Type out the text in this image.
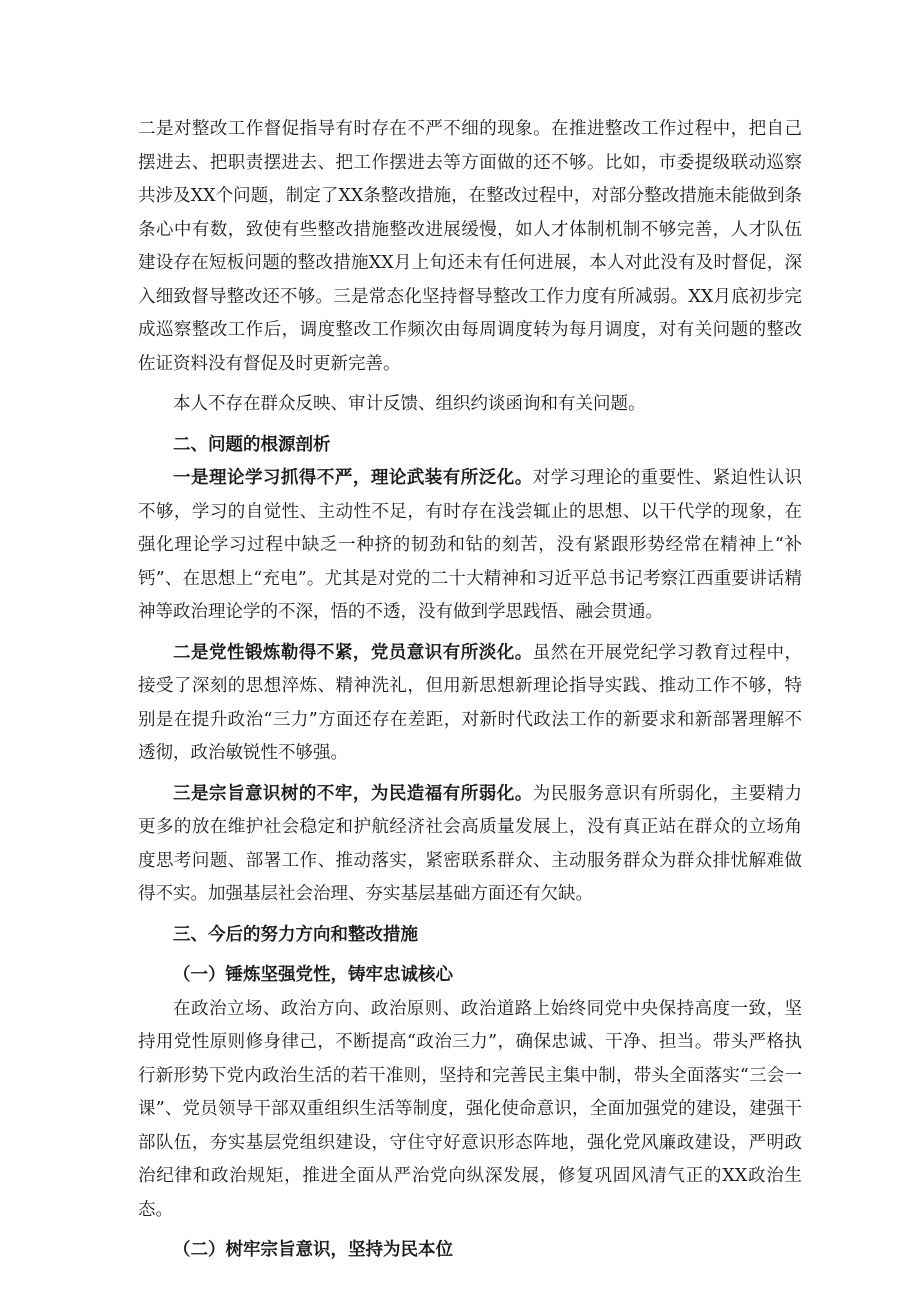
二是对整改工作督促指导有时存在不严不细的现象。在推进整改工作过程中，把自己摆进去、把职责摆进去、把工作摆进去等方面做的还不够。比如，市委提级联动巡察共涉及XX个问题，制定了XX条整改措施，在整改过程中，对部分整改措施未能做到条条心中有数，致使有些整改措施整改进展缓慢，如人才体制机制不够完善，人才队伍建设存在短板问题的整改措施XX月上旬还未有任何进展，本人对此没有及时督促，深入细致督导整改还不够。三是常态化坚持督导整改工作力度有所减弱。XX月底初步完成巡察整改工作后，调度整改工作频次由每周调度转为每月调度，对有关问题的整改佐证资料没有督促及时更新完善。

本人不存在群众反映、审计反馈、组织约谈函询和有关问题。

二、问题的根源剖析

一是理论学习抓得不严，理论武装有所泛化。对学习理论的重要性、紧迫性认识不够，学习的自觉性、主动性不足，有时存在浅尝辄止的思想、以干代学的现象，在强化理论学习过程中缺乏一种挤的韧劲和钻的刻苦，没有紧跟形势经常在精神上“补钙”、在思想上“充电”。尤其是对党的二十大精神和习近平总书记考察江西重要讲话精神等政治理论学的不深，悟的不透，没有做到学思践悟、融会贯通。

二是党性锻炼勒得不紧，党员意识有所淡化。虽然在开展党纪学习教育过程中，接受了深刻的思想淬炼、精神洗礼，但用新思想新理论指导实践、推动工作不够，特别是在提升政治“三力”方面还存在差距，对新时代政法工作的新要求和新部署理解不透彻，政治敏锐性不够强。

三是宗旨意识树的不牢，为民造福有所弱化。为民服务意识有所弱化，主要精力更多的放在维护社会稳定和护航经济社会高质量发展上，没有真正站在群众的立场角度思考问题、部署工作、推动落实，紧密联系群众、主动服务群众为群众排忧解难做得不实。加强基层社会治理、夯实基层基础方面还有欠缺。

三、今后的努力方向和整改措施

（一）锤炼坚强党性，铸牢忠诚核心

在政治立场、政治方向、政治原则、政治道路上始终同党中央保持高度一致，坚持用党性原则修身律己，不断提高“政治三力”，确保忠诚、干净、担当。带头严格执行新形势下党内政治生活的若干准则，坚持和完善民主集中制，带头全面落实“三会一课”、党员领导干部双重组织生活等制度，强化使命意识，全面加强党的建设，建强干部队伍，夯实基层党组织建设，守住守好意识形态阵地，强化党风廉政建设，严明政治纪律和政治规矩，推进全面从严治党向纵深发展，修复巩固风清气正的XX政治生态。

（二）树牢宗旨意识，坚持为民本位
